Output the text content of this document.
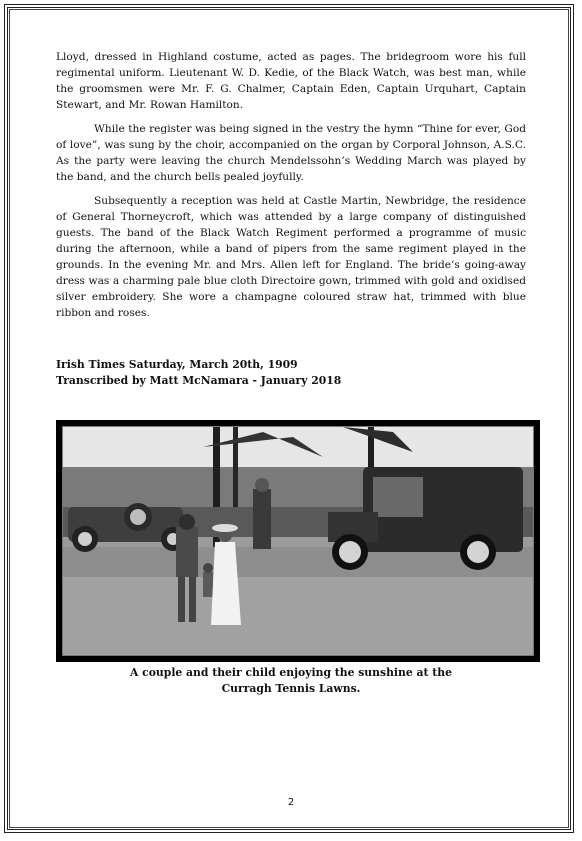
Lloyd, dressed in Highland costume, acted as pages. The bridegroom wore his full regimental uniform. Lieutenant W. D. Kedie, of the Black Watch, was best man, while the groomsmen were Mr. F. G. Chalmer, Captain Eden, Captain Urquhart, Captain Stewart, and Mr. Rowan Hamilton.

While the register was being signed in the vestry the hymn “Thine for ever, God of love”, was sung by the choir, accompanied on the organ by Corporal Johnson, A.S.C. As the party were leaving the church Mendelssohn’s Wedding March was played by the band, and the church bells pealed joyfully.

Subsequently a reception was held at Castle Martin, Newbridge, the residence of General Thorneycroft, which was attended by a large company of distinguished guests. The band of the Black Watch Regiment performed a programme of music during the afternoon, while a band of pipers from the same regiment played in the grounds. In the evening Mr. and Mrs. Allen left for England. The bride’s going-away dress was a charming pale blue cloth Directoire gown, trimmed with gold and oxidised silver embroidery. She wore a champagne coloured straw hat, trimmed with blue ribbon and roses.

Irish Times Saturday, March 20th, 1909
Transcribed by Matt McNamara - January 2018
A couple and their child enjoying the sunshine at the
Curragh Tennis Lawns.
2
